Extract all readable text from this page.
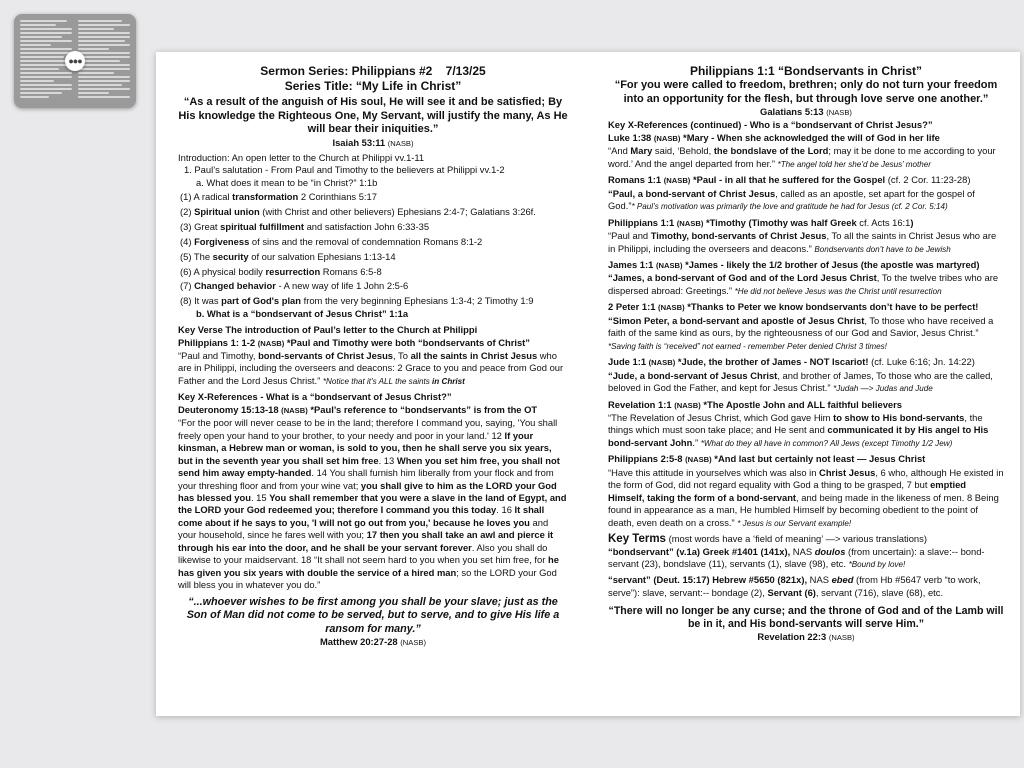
●●●

Sermon Series: Philippians #2    7/13/25

Series Title: “My Life in Christ”

“As a result of the anguish of His soul, He will see it and be satisfied; By His knowledge the Righteous One, My Servant, will justify the many, As He will bear their iniquities.”

Isaiah 53:11 (NASB)

Introduction: An open letter to the Church at Philippi vv.1-11

1. Paul’s salutation - From Paul and Timothy to the believers at Philippi vv.1-2

a. What does it mean to be “in Christ?” 1:1b

(1) A radical transformation 2 Corinthians 5:17

(2) Spiritual union (with Christ and other believers) Ephesians 2:4-7; Galatians 3:26f.

(3) Great spiritual fulfillment and satisfaction John 6:33-35

(4) Forgiveness of sins and the removal of condemnation Romans 8:1-2

(5) The security of our salvation Ephesians 1:13-14

(6) A physical bodily resurrection Romans 6:5-8

(7) Changed behavior - A new way of life 1 John 2:5-6

(8) It was part of God's plan from the very beginning Ephesians 1:3-4; 2 Timothy 1:9

b. What is a “bondservant of Jesus Christ” 1:1a

Key Verse The introduction of Paul’s letter to the Church at Philippi

Philippians 1: 1-2 (NASB) *Paul and Timothy were both “bondservants of Christ”

“Paul and Timothy, bond-servants of Christ Jesus, To all the saints in Christ Jesus who are in Philippi, including the overseers and deacons: 2 Grace to you and peace from God our Father and the Lord Jesus Christ.” *Notice that it’s ALL the saints in Christ

Key X-References - What is a “bondservant of Jesus Christ?”

Deuteronomy 15:13-18 (NASB) *Paul’s reference to “bondservants” is from the OT

“For the poor will never cease to be in the land; therefore I command you, saying, 'You shall freely open your hand to your brother, to your needy and poor in your land.' 12 If your kinsman, a Hebrew man or woman, is sold to you, then he shall serve you six years, but in the seventh year you shall set him free. 13 When you set him free, you shall not send him away empty-handed. 14 You shall furnish him liberally from your flock and from your threshing floor and from your wine vat; you shall give to him as the LORD your God has blessed you. 15 You shall remember that you were a slave in the land of Egypt, and the LORD your God redeemed you; therefore I command you this today. 16 It shall come about if he says to you, 'I will not go out from you,' because he loves you and your household, since he fares well with you; 17 then you shall take an awl and pierce it through his ear into the door, and he shall be your servant forever. Also you shall do likewise to your maidservant. 18 “It shall not seem hard to you when you set him free, for he has given you six years with double the service of a hired man; so the LORD your God will bless you in whatever you do.”

“...whoever wishes to be first among you shall be your slave; just as the Son of Man did not come to be served, but to serve, and to give His life a ransom for many.”

Matthew 20:27-28 (NASB)

Philippians 1:1 “Bondservants in Christ”

“For you were called to freedom, brethren; only do not turn your freedom into an opportunity for the flesh, but through love serve one another.”

Galatians 5:13 (NASB)

Key X-References (continued) - Who is a “bondservant of Christ Jesus?”

Luke 1:38 (NASB) *Mary - When she acknowledged the will of God in her life

“And Mary said, ‘Behold, the bondslave of the Lord; may it be done to me according to your word.’ And the angel departed from her.” *The angel told her she’d be Jesus’ mother

Romans 1:1 (NASB) *Paul - in all that he suffered for the Gospel (cf. 2 Cor. 11:23-28)

“Paul, a bond-servant of Christ Jesus, called as an apostle, set apart for the gospel of God.”* Paul’s motivation was primarily the love and gratitude he had for Jesus (cf. 2 Cor. 5:14)

Philippians 1:1 (NASB) *Timothy (Timothy was half Greek cf. Acts 16:1)

“Paul and Timothy, bond-servants of Christ Jesus, To all the saints in Christ Jesus who are in Philippi, including the overseers and deacons.” Bondservants don’t have to be Jewish

James 1:1 (NASB) *James - likely the 1/2 brother of Jesus (the apostle was martyred)

“James, a bond-servant of God and of the Lord Jesus Christ, To the twelve tribes who are dispersed abroad: Greetings.” *He did not believe Jesus was the Christ until resurrection

2 Peter 1:1 (NASB) *Thanks to Peter we know bondservants don’t have to be perfect!

“Simon Peter, a bond-servant and apostle of Jesus Christ, To those who have received a faith of the same kind as ours, by the righteousness of our God and Savior, Jesus Christ.” *Saving faith is “received” not earned - remember Peter denied Christ 3 times!

Jude 1:1 (NASB) *Jude, the brother of James - NOT Iscariot! (cf. Luke 6:16; Jn. 14:22)

“Jude, a bond-servant of Jesus Christ, and brother of James, To those who are the called, beloved in God the Father, and kept for Jesus Christ.” *Judah —> Judas and Jude

Revelation 1:1 (NASB) *The Apostle John and ALL faithful believers

“The Revelation of Jesus Christ, which God gave Him to show to His bond-servants, the things which must soon take place; and He sent and communicated it by His angel to His bond-servant John.” *What do they all have in common? All Jews (except Timothy 1/2 Jew)

Philippians 2:5-8 (NASB) *And last but certainly not least — Jesus Christ

“Have this attitude in yourselves which was also in Christ Jesus, 6 who, although He existed in the form of God, did not regard equality with God a thing to be grasped, 7 but emptied Himself, taking the form of a bond-servant, and being made in the likeness of men. 8 Being found in appearance as a man, He humbled Himself by becoming obedient to the point of death, even death on a cross.” * Jesus is our Servant example!

Key Terms (most words have a ‘field of meaning’ —> various translations)

“bondservant” (v.1a) Greek #1401 (141x), NAS doulos (from uncertain): a slave:-- bond-servant (23), bondslave (11), servants (1), slave (98), etc. *Bound by love!

“servant” (Deut. 15:17) Hebrew #5650 (821x), NAS ebed (from Hb #5647 verb “to work, serve”): slave, servant:-- bondage (2), Servant (6), servant (716), slave (68), etc.

“There will no longer be any curse; and the throne of God and of the Lamb will be in it, and His bond-servants will serve Him.”

Revelation 22:3 (NASB)
